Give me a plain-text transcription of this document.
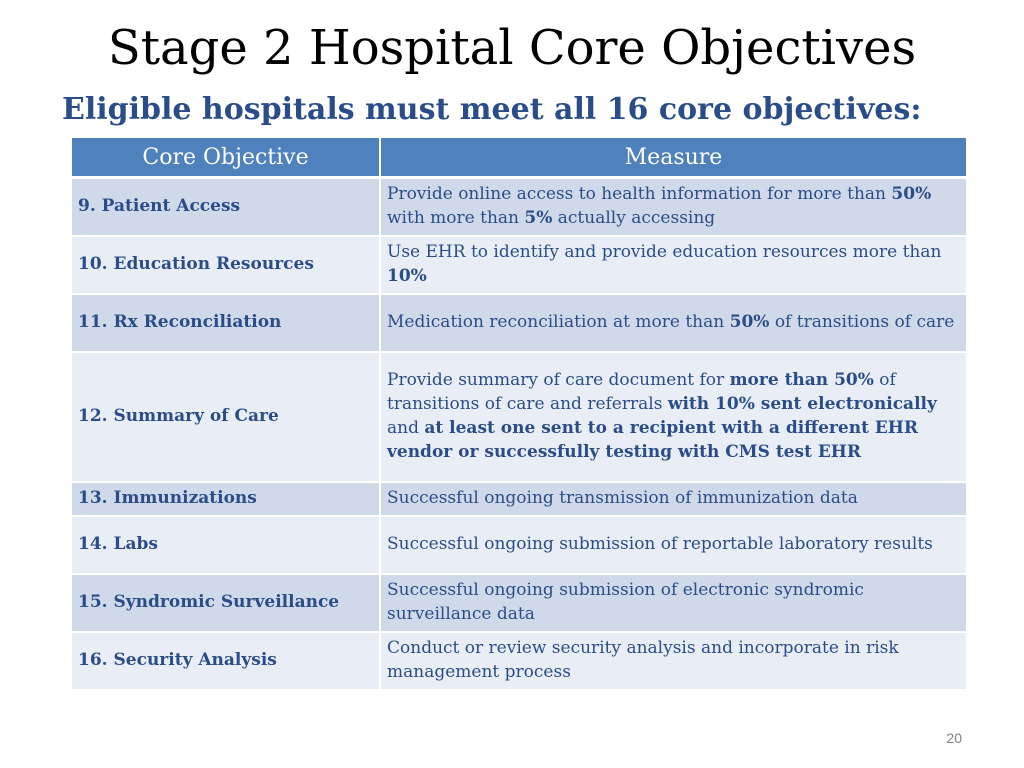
Stage 2 Hospital Core Objectives
Eligible hospitals must meet all 16 core objectives:
Core Objective	Measure
9. Patient Access	Provide online access to health information for more than 50% with more than 5% actually accessing
10. Education Resources	Use EHR to identify and provide education resources more than 10%
11. Rx Reconciliation	Medication reconciliation at more than 50% of transitions of care
12. Summary of Care	Provide summary of care document for more than 50% of transitions of care and referrals with 10% sent electronically and at least one sent to a recipient with a different EHR vendor or successfully testing with CMS test EHR
13. Immunizations	Successful ongoing transmission of immunization data
14. Labs	Successful ongoing submission of reportable laboratory results
15. Syndromic Surveillance	Successful ongoing submission of electronic syndromic surveillance data
16. Security Analysis	Conduct or review security analysis and incorporate in risk management process
20
